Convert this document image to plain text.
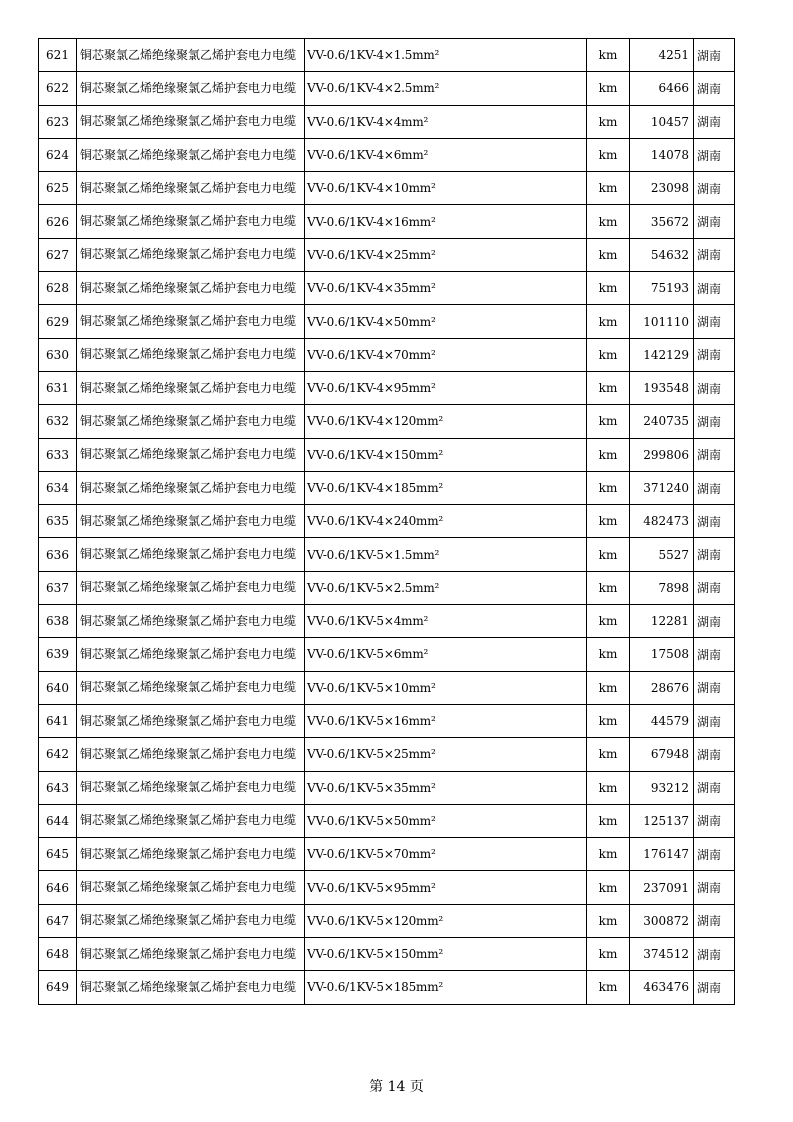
621	铜芯聚氯乙烯绝缘聚氯乙烯护套电力电缆	VV-0.6/1KV-4×1.5mm²	km	4251	湖南
622	铜芯聚氯乙烯绝缘聚氯乙烯护套电力电缆	VV-0.6/1KV-4×2.5mm²	km	6466	湖南
623	铜芯聚氯乙烯绝缘聚氯乙烯护套电力电缆	VV-0.6/1KV-4×4mm²	km	10457	湖南
624	铜芯聚氯乙烯绝缘聚氯乙烯护套电力电缆	VV-0.6/1KV-4×6mm²	km	14078	湖南
625	铜芯聚氯乙烯绝缘聚氯乙烯护套电力电缆	VV-0.6/1KV-4×10mm²	km	23098	湖南
626	铜芯聚氯乙烯绝缘聚氯乙烯护套电力电缆	VV-0.6/1KV-4×16mm²	km	35672	湖南
627	铜芯聚氯乙烯绝缘聚氯乙烯护套电力电缆	VV-0.6/1KV-4×25mm²	km	54632	湖南
628	铜芯聚氯乙烯绝缘聚氯乙烯护套电力电缆	VV-0.6/1KV-4×35mm²	km	75193	湖南
629	铜芯聚氯乙烯绝缘聚氯乙烯护套电力电缆	VV-0.6/1KV-4×50mm²	km	101110	湖南
630	铜芯聚氯乙烯绝缘聚氯乙烯护套电力电缆	VV-0.6/1KV-4×70mm²	km	142129	湖南
631	铜芯聚氯乙烯绝缘聚氯乙烯护套电力电缆	VV-0.6/1KV-4×95mm²	km	193548	湖南
632	铜芯聚氯乙烯绝缘聚氯乙烯护套电力电缆	VV-0.6/1KV-4×120mm²	km	240735	湖南
633	铜芯聚氯乙烯绝缘聚氯乙烯护套电力电缆	VV-0.6/1KV-4×150mm²	km	299806	湖南
634	铜芯聚氯乙烯绝缘聚氯乙烯护套电力电缆	VV-0.6/1KV-4×185mm²	km	371240	湖南
635	铜芯聚氯乙烯绝缘聚氯乙烯护套电力电缆	VV-0.6/1KV-4×240mm²	km	482473	湖南
636	铜芯聚氯乙烯绝缘聚氯乙烯护套电力电缆	VV-0.6/1KV-5×1.5mm²	km	5527	湖南
637	铜芯聚氯乙烯绝缘聚氯乙烯护套电力电缆	VV-0.6/1KV-5×2.5mm²	km	7898	湖南
638	铜芯聚氯乙烯绝缘聚氯乙烯护套电力电缆	VV-0.6/1KV-5×4mm²	km	12281	湖南
639	铜芯聚氯乙烯绝缘聚氯乙烯护套电力电缆	VV-0.6/1KV-5×6mm²	km	17508	湖南
640	铜芯聚氯乙烯绝缘聚氯乙烯护套电力电缆	VV-0.6/1KV-5×10mm²	km	28676	湖南
641	铜芯聚氯乙烯绝缘聚氯乙烯护套电力电缆	VV-0.6/1KV-5×16mm²	km	44579	湖南
642	铜芯聚氯乙烯绝缘聚氯乙烯护套电力电缆	VV-0.6/1KV-5×25mm²	km	67948	湖南
643	铜芯聚氯乙烯绝缘聚氯乙烯护套电力电缆	VV-0.6/1KV-5×35mm²	km	93212	湖南
644	铜芯聚氯乙烯绝缘聚氯乙烯护套电力电缆	VV-0.6/1KV-5×50mm²	km	125137	湖南
645	铜芯聚氯乙烯绝缘聚氯乙烯护套电力电缆	VV-0.6/1KV-5×70mm²	km	176147	湖南
646	铜芯聚氯乙烯绝缘聚氯乙烯护套电力电缆	VV-0.6/1KV-5×95mm²	km	237091	湖南
647	铜芯聚氯乙烯绝缘聚氯乙烯护套电力电缆	VV-0.6/1KV-5×120mm²	km	300872	湖南
648	铜芯聚氯乙烯绝缘聚氯乙烯护套电力电缆	VV-0.6/1KV-5×150mm²	km	374512	湖南
649	铜芯聚氯乙烯绝缘聚氯乙烯护套电力电缆	VV-0.6/1KV-5×185mm²	km	463476	湖南
第 14 页
